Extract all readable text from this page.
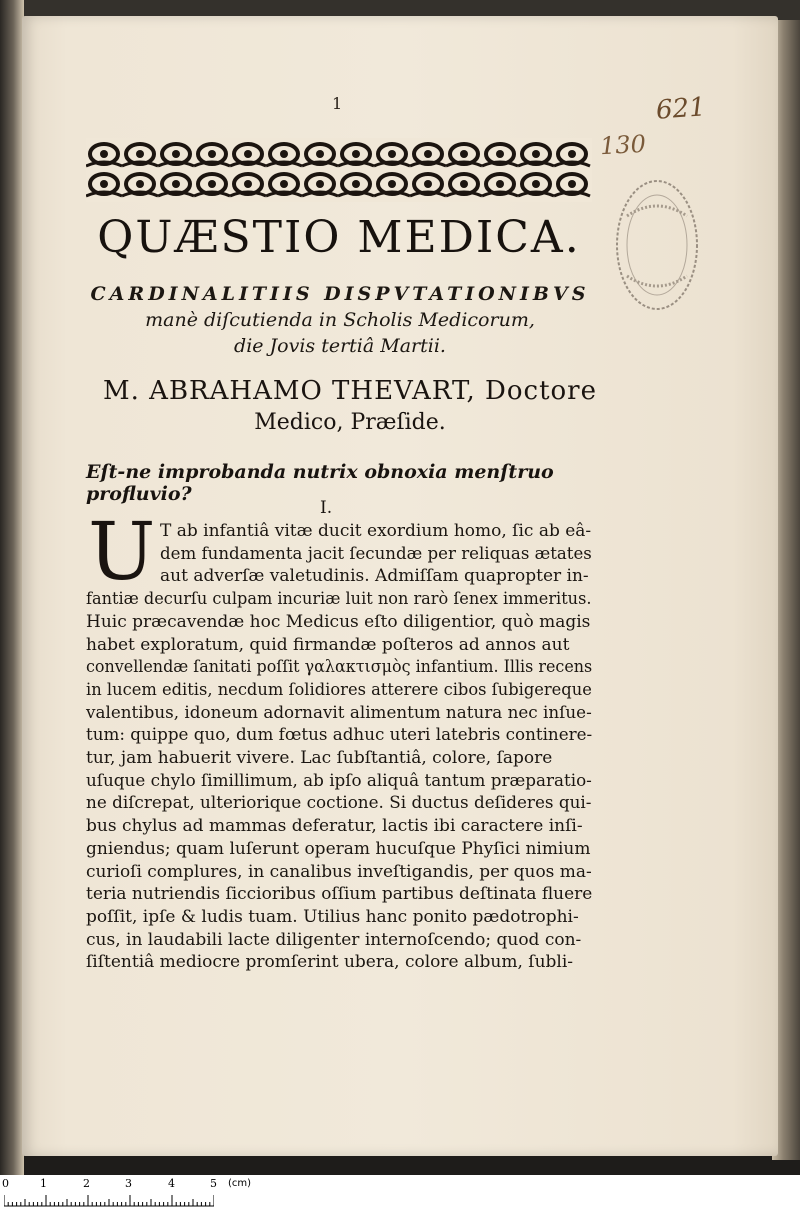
1	621
130
QUÆSTIO MEDICA.
CARDINALITIIS DISPVTATIONIBVS
manè diſcutienda in Scholis Medicorum,
die Jovis tertiâ Martii.
M. ABRAHAMO THEVART, Doctore
Medico, Præſide.
Eſt-ne improbanda nutrix obnoxia menſtruo profluvio?
I.
U T ab infantiâ vitæ ducit exordium homo, ſic ab eâ-
dem fundamenta jacit ſecundæ per reliquas ætates
aut adverſæ valetudinis. Admiſſam quapropter in-
fantiæ decurſu culpam incuriæ luit non rarò ſenex immeritus.
Huic præcavendæ hoc Medicus eſto diligentior, quò magis
habet exploratum, quid firmandæ poſteros ad annos aut
convellendæ ſanitati poſſit γαλακτισμὸς infantium. Illis recens
in lucem editis, necdum ſolidiores atterere cibos ſubigereque
valentibus, idoneum adornavit alimentum natura nec inſue-
tum: quippe quo, dum fœtus adhuc uteri latebris continere-
tur, jam habuerit vivere. Lac ſubſtantiâ, colore, ſapore
uſuque chylo ſimillimum, ab ipſo aliquâ tantum præparatio-
ne diſcrepat, ulteriorique coctione. Si ductus deſideres qui-
bus chylus ad mammas deferatur, lactis ibi caractere inſi-
gniendus; quam luſerunt operam hucuſque Phyſici nimium
curioſi complures, in canalibus inveſtigandis, per quos ma-
teria nutriendis ſiccioribus oſſium partibus deſtinata fluere
poſſit, ipſe & ludis tuam. Utilius hanc ponito pædotrophi-
cus, in laudabili lacte diligenter internoſcendo; quod con-
ſiſtentiâ mediocre promſerint ubera, colore album, ſubli-
0	1	2	3	4	5 (cm)
